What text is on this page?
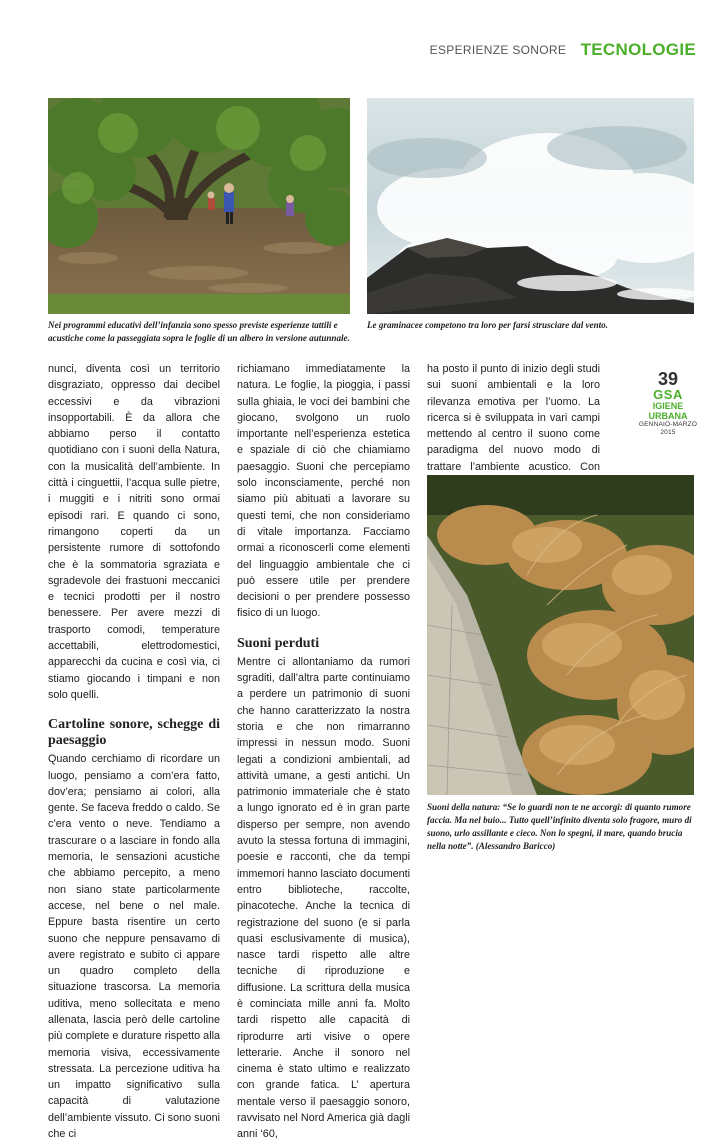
ESPERIENZE SONORE TECNOLOGIE
Nei programmi educativi dell’infanzia sono spesso previste esperienze tattili e acustiche come la passeggiata sopra le foglie di un albero in versione autunnale.
Le graminacee competono tra loro per farsi strusciare dal vento.

nunci, diventa così un territorio disgraziato, oppresso dai decibel eccessivi e da vibrazioni insopportabili. È da allora che abbiamo perso il contatto quotidiano con i suoni della Natura, con la musicalità dell’ambiente. In città i cinguettii, l’acqua sulle pietre, i muggiti e i nitriti sono ormai episodi rari. E quando ci sono, rimangono coperti da un persistente rumore di sottofondo che è la sommatoria sgraziata e sgradevole dei frastuoni meccanici e tecnici prodotti per il nostro benessere. Per avere mezzi di trasporto comodi, temperature accettabili, elettrodomestici, apparecchi da cucina e così via, ci stiamo giocando i timpani e non solo quelli.

Cartoline sonore, schegge di paesaggio

Quando cerchiamo di ricordare un luogo, pensiamo a com’era fatto, dov’era; pensiamo ai colori, alla gente. Se faceva freddo o caldo. Se c’era vento o neve. Tendiamo a trascurare o a lasciare in fondo alla memoria, le sensazioni acustiche che abbiamo percepito, a meno non siano state particolarmente accese, nel bene o nel male. Eppure basta risentire un certo suono che neppure pensavamo di avere registrato e subito ci appare un quadro completo della situazione trascorsa. La memoria uditiva, meno sollecitata e meno allenata, lascia però delle cartoline più complete e durature rispetto alla memoria visiva, eccessivamente stressata. La percezione uditiva ha un impatto significativo sulla capacità di valutazione dell’ambiente vissuto. Ci sono suoni che ci

richiamano immediatamente la natura. Le foglie, la pioggia, i passi sulla ghiaia, le voci dei bambini che giocano, svolgono un ruolo importante nell’esperienza estetica e spaziale di ciò che chiamiamo paesaggio. Suoni che percepiamo solo inconsciamente, perché non siamo più abituati a lavorare su questi temi, che non consideriamo di vitale importanza. Facciamo ormai a riconoscerli come elementi del linguaggio ambientale che ci può essere utile per prendere decisioni o per prendere possesso fisico di un luogo.

Suoni perduti

Mentre ci allontaniamo da rumori sgraditi, dall’altra parte continuiamo a perdere un patrimonio di suoni che hanno caratterizzato la nostra storia e che non rimarranno impressi in nessun modo. Suoni legati a condizioni ambientali, ad attività umane, a gesti antichi. Un patrimonio immateriale che è stato a lungo ignorato ed è in gran parte disperso per sempre, non avendo avuto la stessa fortuna di immagini, poesie e racconti, che da tempi immemori hanno lasciato documenti entro biblioteche, raccolte, pinacoteche. Anche la tecnica di registrazione del suono (e si parla quasi esclusivamente di musica), nasce tardi rispetto alle altre tecniche di riproduzione e diffusione. La scrittura della musica è cominciata mille anni fa. Molto tardi rispetto alle capacità di riprodurre arti visive o opere letterarie. Anche il sonoro nel cinema è stato ultimo e realizzato con grande fatica. L’ apertura mentale verso il paesaggio sonoro, ravvisato nel Nord America già dagli anni ‘60,

ha posto il punto di inizio degli studi sui suoni ambientali e la loro rilevanza emotiva per l’uomo. La ricerca si è sviluppata in vari campi mettendo al centro il suono come paradigma del nuovo modo di trattare l’ambiente acustico. Con

39
GSA
IGIENE URBANA
GENNAIO-MARZO 2015
Suoni della natura: “Se lo guardi non te ne accorgi: di quanto rumore faccia. Ma nel buio... Tutto quell’infinito diventa solo fragore, muro di suono, urlo assillante e cieco. Non lo spegni, il mare, quando brucia nella notte”. (Alessandro Baricco)
